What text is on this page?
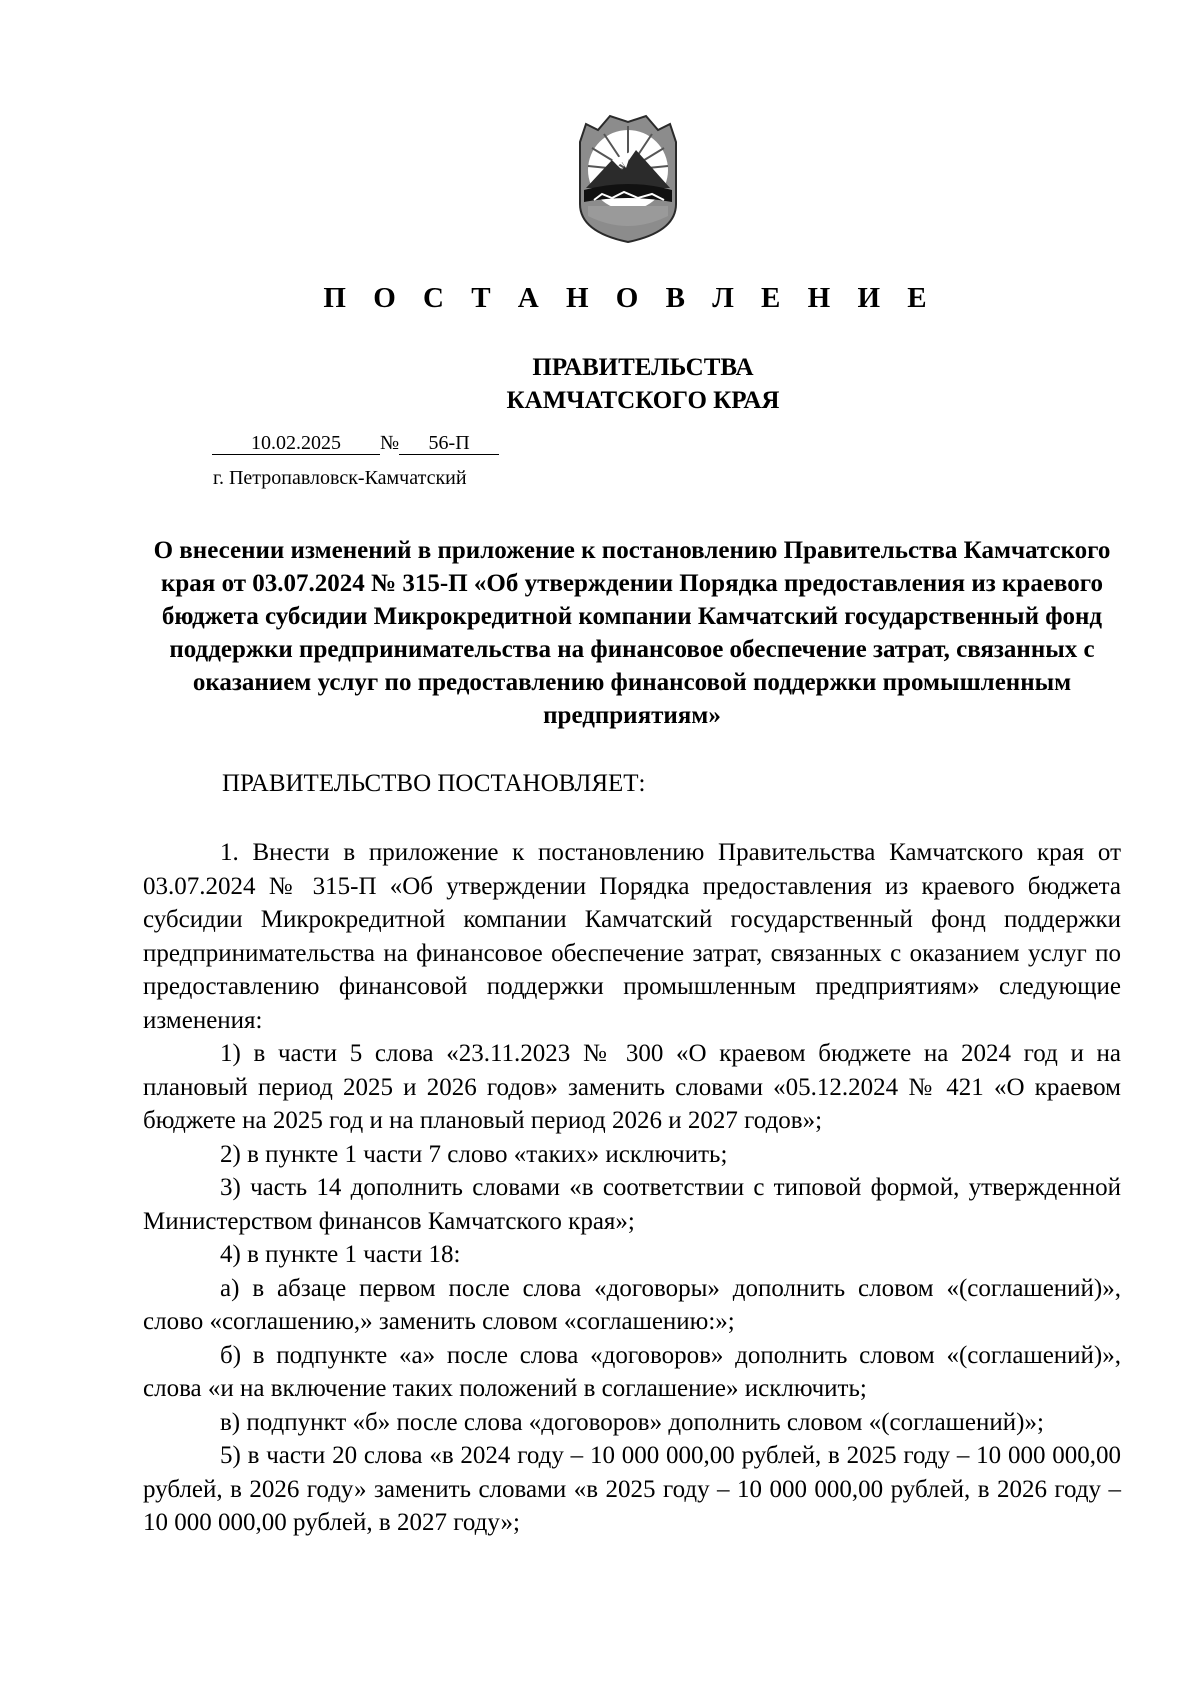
П О С Т А Н О В Л Е Н И Е
ПРАВИТЕЛЬСТВА
КАМЧАТСКОГО КРАЯ
10.02.2025 № 56-П
г. Петропавловск-Камчатский
О внесении изменений в приложение к постановлению Правительства Камчатского края от 03.07.2024 № 315-П «Об утверждении Порядка предоставления из краевого бюджета субсидии Микрокредитной компании Камчатский государственный фонд поддержки предпринимательства на финансовое обеспечение затрат, связанных с оказанием услуг по предоставлению финансовой поддержки промышленным предприятиям»
ПРАВИТЕЛЬСТВО ПОСТАНОВЛЯЕТ:

1. Внести в приложение к постановлению Правительства Камчатского края от 03.07.2024 № 315-П «Об утверждении Порядка предоставления из краевого бюджета субсидии Микрокредитной компании Камчатский государственный фонд поддержки предпринимательства на финансовое обеспечение затрат, связанных с оказанием услуг по предоставлению финансовой поддержки промышленным предприятиям» следующие изменения:

1) в части 5 слова «23.11.2023 № 300 «О краевом бюджете на 2024 год и на плановый период 2025 и 2026 годов» заменить словами «05.12.2024 № 421 «О краевом бюджете на 2025 год и на плановый период 2026 и 2027 годов»;

2) в пункте 1 части 7 слово «таких» исключить;

3) часть 14 дополнить словами «в соответствии с типовой формой, утвержденной Министерством финансов Камчатского края»;

4) в пункте 1 части 18:

а) в абзаце первом после слова «договоры» дополнить словом «(соглашений)», слово «соглашению,» заменить словом «соглашению:»;

б) в подпункте «а» после слова «договоров» дополнить словом «(соглашений)», слова «и на включение таких положений в соглашение» исключить;

в) подпункт «б» после слова «договоров» дополнить словом «(соглашений)»;

5) в части 20 слова «в 2024 году – 10 000 000,00 рублей, в 2025 году – 10 000 000,00 рублей, в 2026 году» заменить словами «в 2025 году – 10 000 000,00 рублей, в 2026 году – 10 000 000,00 рублей, в 2027 году»;
